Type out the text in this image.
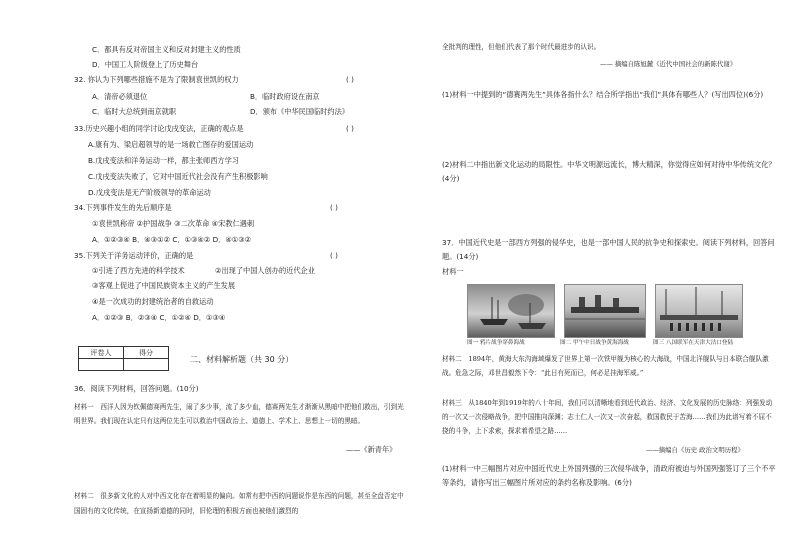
C．都具有反对帝国主义和反对封建主义的性质
D．中国工人阶级登上了历史舞台
32. 你认为下列哪些措施不是为了限制袁世凯的权力	( )
A．清帝必须退位	B．临时政府设在南京
C．临时大总统到南京就职	D．颁布《中华民国临时约法》
33.历史兴趣小组的同学讨论戊戌变法，正确的观点是	( )
A.康有为、梁启超领导的是一场救亡图存的爱国运动
B.戊戌变法和洋务运动一样，都主张师西方学习
C.戊戌变法失败了，它对中国近代社会没有产生积极影响
D.戊戌变法是无产阶级领导的革命运动
34.下列事件发生的先后顺序是	( )
①袁世凯称帝 ②护国战争 ③二次革命 ④宋教仁遇刺
A．①②③④ B．④③①② C．①③④② D．④①③②
35.下列关于洋务运动评价，正确的是	( )
①引进了西方先进的科学技术	②出现了中国人创办的近代企业
③客观上促进了中国民族资本主义的产生发展
④是一次成功的封建统治者的自救运动
A．①②③ B．②③④ C．①②④ D．①③④
评卷人	得分

二、材料解析题（共 30 分）
36．阅读下列材料，回答问题。(10分)
材料一　西洋人因为钦佩德赛两先生，闹了多少事，流了多少血，德赛两先生才渐渐从黑暗中把他们救出，引到光明世界。我们现在认定只有这两位先生可以救治中国政治上、道德上、学术上、思想上一切的黑暗。
——《新青年》
材料二　很多新文化的人对中西文化存在着明显的偏向。如常有把中西的问题说作是东西的问题，甚至全盘否定中国固有的文化传统，在宣扬新道德的同时，旧伦理的积极方面也被他们激烈的
全批判的理性，但他们代表了那个时代最进步的认识。
—— 摘编自陈旭麓《近代中国社会的新陈代谢》
(1)材料一中提到的“德赛两先生”具体各指什么？结合所学指出“我们”具体有哪些人？(写出四位)(6分)
(2)材料二中指出新文化运动的局限性。中华文明源远流长，博大精深，你觉得应如何对待中华传统文化？(4分)
37．中国近代史是一部西方列强的侵华史，也是一部中国人民的抗争史和探索史。阅读下列材料，回答问题。(14分)
材料一
图一 鸦片战争穿鼻海战	图二 甲午中日战争黄海海战	图三 八国联军在天津大沽口登陆
材料二　1894年，黄海大东沟海域爆发了世界上第一次铁甲舰为核心的大海战，中国北洋舰队与日本联合舰队激战。危急之际，邓世昌毅然下令：“此日有死而已，何必足挂海军威。”
材料三　从1840年到1919年的八十年间，我们可以清晰地看到近代政治、经济、文化发展的历史脉络：列强发动的一次又一次侵略战争，把中国推向深渊；志士仁人一次又一次奋起，救国救民于苦海……我们为此谱写着不屈不挠的斗争，上下求索，探求着希望之路……
——摘编自《历史 政治文明历程》
(1)材料一中三幅图片对应中国近代史上外国列强的三次侵华战争，清政府被迫与外国列强签订了三个不平等条约，请你写出三幅图片所对应的条约名称及影响。(6分)
